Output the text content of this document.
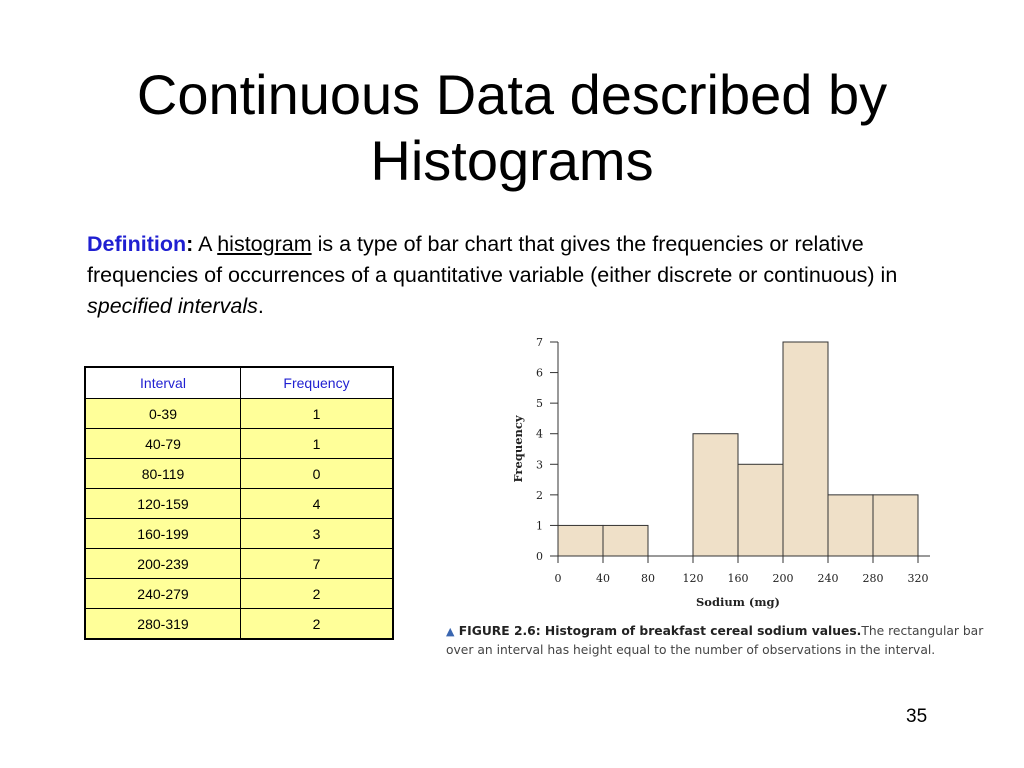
Continuous Data described by
Histograms
Definition: A histogram is a type of bar chart that gives the frequencies or relative frequencies of occurrences of a quantitative variable (either discrete or continuous) in specified intervals.
Interval	Frequency
0-39	1
40-79	1
80-119	0
120-159	4
160-199	3
200-239	7
240-279	2
280-319	2
0
1
2
3
4
5
6
7
0	40	80	120 160 200 240 280 320
Sodium (mg)
Frequency
▲ FIGURE 2.6: Histogram of breakfast cereal sodium values.The rectangular bar over an interval has height equal to the number of observations in the interval.
35
